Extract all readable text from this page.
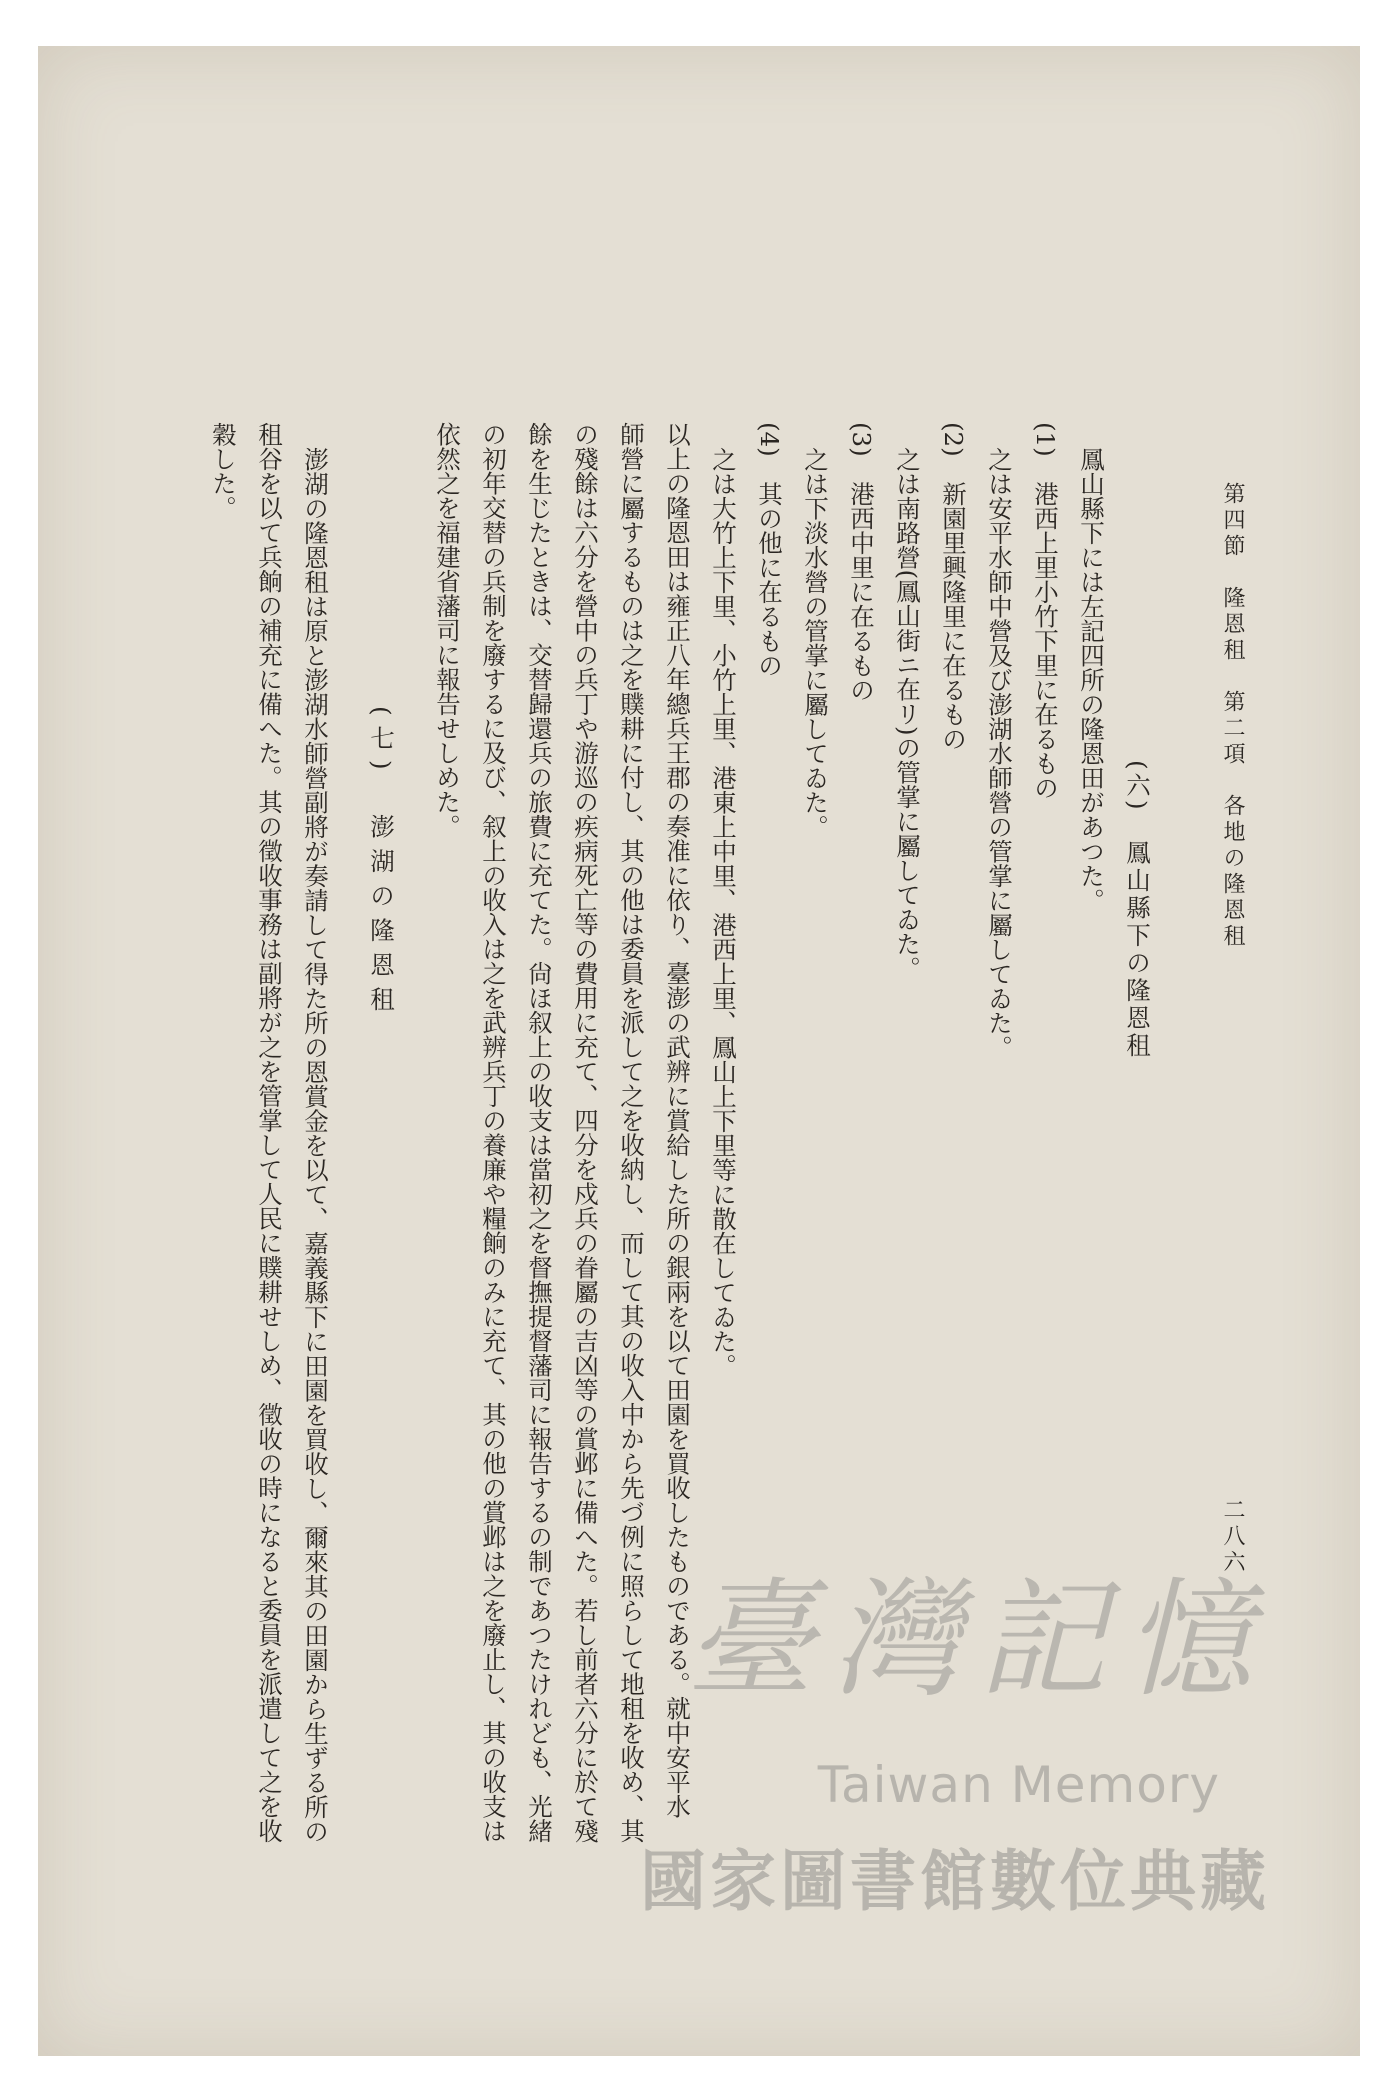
第四節　隆恩租　第二項　各地の隆恩租
二八六
(六)　鳳山縣下の隆恩租
鳳山縣下には左記四所の隆恩田があつた。
(1)　港西上里小竹下里に在るもの
之は安平水師中營及び澎湖水師營の管掌に屬してゐた。
(2)　新園里興隆里に在るもの
之は南路營(鳳山街ニ在リ)の管掌に屬してゐた。
(3)　港西中里に在るもの
之は下淡水營の管掌に屬してゐた。
(4)　其の他に在るもの
之は大竹上下里、小竹上里、港東上中里、港西上里、鳳山上下里等に散在してゐた。
以上の隆恩田は雍正八年總兵王郡の奏准に依り、臺澎の武辨に賞給した所の銀兩を以て田園を買收したものである。就中安平水
師營に屬するものは之を贌耕に付し、其の他は委員を派して之を收納し、而して其の收入中から先づ例に照らして地租を收め、其
の殘餘は六分を營中の兵丁や游巡の疾病死亡等の費用に充て、四分を戍兵の眷屬の吉凶等の賞邺に備へた。若し前者六分に於て殘
餘を生じたときは、交替歸還兵の旅費に充てた。尙ほ叙上の收支は當初之を督撫提督藩司に報告するの制であつたけれども、光緒
の初年交替の兵制を廢するに及び、叙上の收入は之を武辨兵丁の養廉や糧餉のみに充て、其の他の賞邺は之を廢止し、其の收支は
依然之を福建省藩司に報告せしめた。
(七)　澎湖の隆恩租
澎湖の隆恩租は原と澎湖水師營副將が奏請して得た所の恩賞金を以て、嘉義縣下に田園を買收し、爾來其の田園から生ずる所の
租谷を以て兵餉の補充に備へた。其の徵收事務は副將が之を管掌して人民に贌耕せしめ、徵收の時になると委員を派遣して之を收
穀した。
臺灣記憶
Taiwan Memory
國家圖書館數位典藏
